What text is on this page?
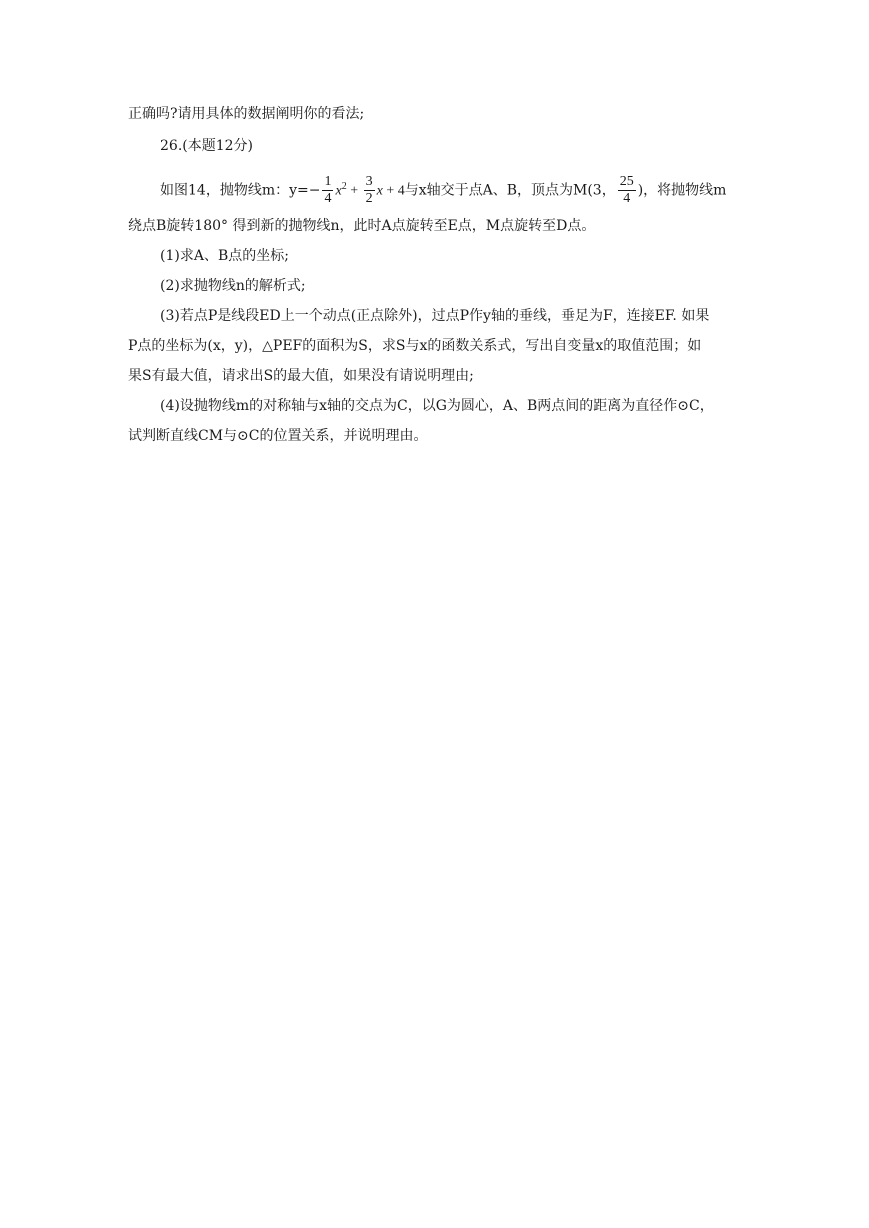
正确吗?请用具体的数据阐明你的看法;
26.(本题12分)
如图14，抛物线m：$y=- \frac{1}{4} x^2 + \frac{3}{2}$ x + 4与x轴交于点A、B，顶点为M(3， $\frac{25}{4}$ )，将抛物线m
绕点B旋转180° 得到新的抛物线n，此时A点旋转至E点，M点旋转至D点。
(1)求A、B点的坐标;
(2)求抛物线n的解析式;
(3)若点P是线段ED上一个动点(正点除外)，过点P作y轴的垂线，垂足为F，连接EF. 如果
P点的坐标为(x，y)，△PEF的面积为S，求S与x的函数关系式，写出自变量x的取值范围；如
果S有最大值，请求出S的最大值，如果没有请说明理由;
(4)设抛物线m的对称轴与x轴的交点为C，以G为圆心，A、B两点间的距离为直径作⊙C，
试判断直线CM与⊙C的位置关系，并说明理由。
